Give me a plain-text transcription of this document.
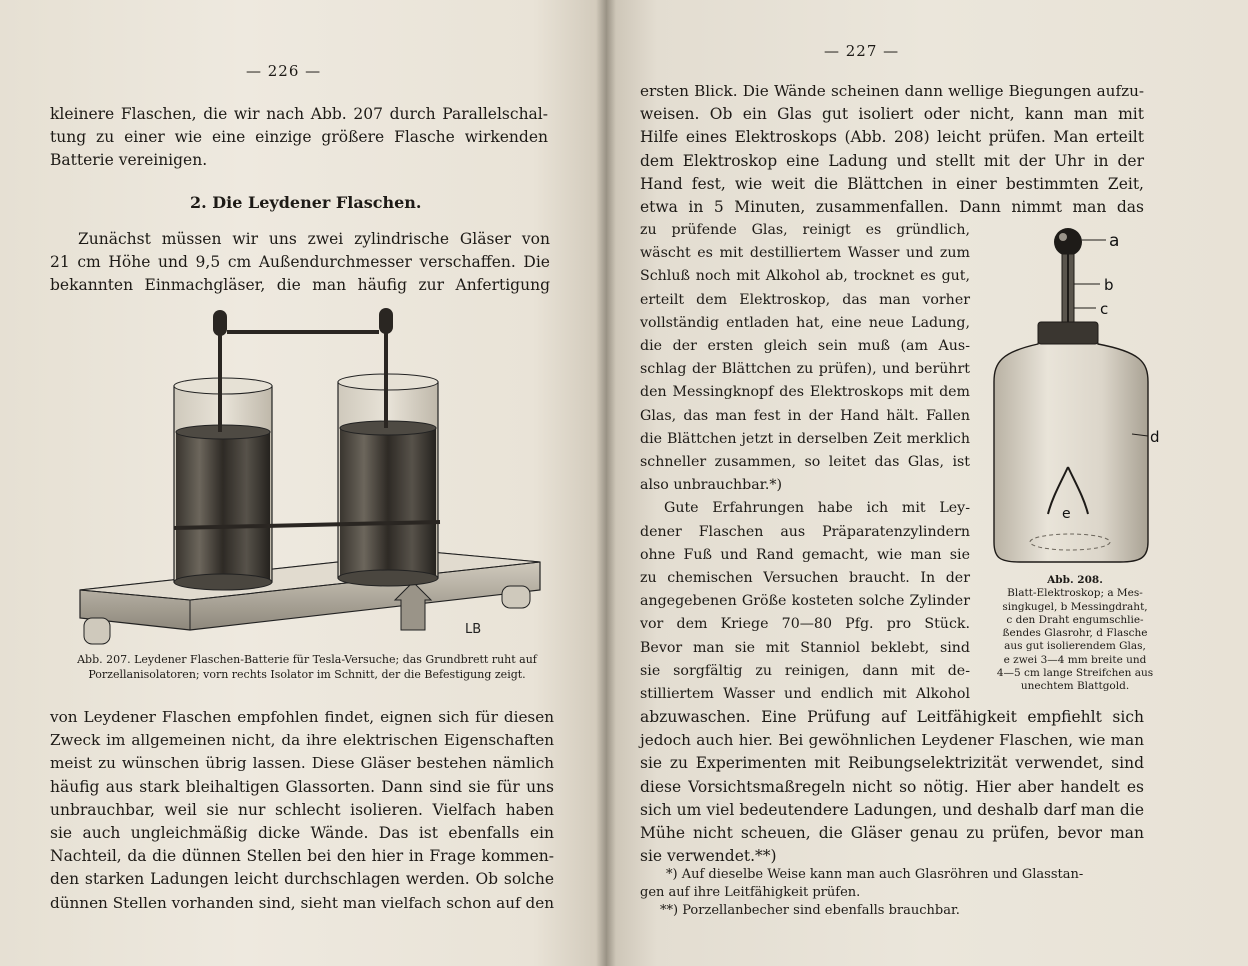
— 226 —
kleinere Flaschen, die wir nach Abb. 207 durch Parallelschal-
tung zu einer wie eine einzige größere Flasche wirkenden
Batterie vereinigen.
2. Die Leydener Flaschen.
Zunächst müssen wir uns zwei zylindrische Gläser von
21 cm Höhe und 9,5 cm Außendurchmesser verschaffen. Die
bekannten Einmachgläser, die man häufig zur Anfertigung
LB
Abb. 207. Leydener Flaschen-Batterie für Tesla-Versuche; das Grundbrett ruht auf
Porzellanisolatoren; vorn rechts Isolator im Schnitt, der die Befestigung zeigt.
von Leydener Flaschen empfohlen findet, eignen sich für diesen
Zweck im allgemeinen nicht, da ihre elektrischen Eigenschaften
meist zu wünschen übrig lassen. Diese Gläser bestehen nämlich
häufig aus stark bleihaltigen Glassorten. Dann sind sie für uns
unbrauchbar, weil sie nur schlecht isolieren. Vielfach haben
sie auch ungleichmäßig dicke Wände. Das ist ebenfalls ein
Nachteil, da die dünnen Stellen bei den hier in Frage kommen-
den starken Ladungen leicht durchschlagen werden. Ob solche
dünnen Stellen vorhanden sind, sieht man vielfach schon auf den
— 227 —
ersten Blick. Die Wände scheinen dann wellige Biegungen aufzu-
weisen. Ob ein Glas gut isoliert oder nicht, kann man mit
Hilfe eines Elektroskops (Abb. 208) leicht prüfen. Man erteilt
dem Elektroskop eine Ladung und stellt mit der Uhr in der
Hand fest, wie weit die Blättchen in einer bestimmten Zeit,
etwa in 5 Minuten, zusammenfallen. Dann nimmt man das
zu prüfende Glas, reinigt es gründlich,
wäscht es mit destilliertem Wasser und zum
Schluß noch mit Alkohol ab, trocknet es gut,
erteilt dem Elektroskop, das man vorher
vollständig entladen hat, eine neue Ladung,
die der ersten gleich sein muß (am Aus-
schlag der Blättchen zu prüfen), und berührt
den Messingknopf des Elektroskops mit dem
Glas, das man fest in der Hand hält. Fallen
die Blättchen jetzt in derselben Zeit merklich
schneller zusammen, so leitet das Glas, ist
also unbrauchbar.*)
Gute Erfahrungen habe ich mit Ley-
dener Flaschen aus Präparatenzylindern
ohne Fuß und Rand gemacht, wie man sie
zu chemischen Versuchen braucht. In der
angegebenen Größe kosteten solche Zylinder
vor dem Kriege 70—80 Pfg. pro Stück.
Bevor man sie mit Stanniol beklebt, sind
sie sorgfältig zu reinigen, dann mit de-
stilliertem Wasser und endlich mit Alkohol
abzuwaschen. Eine Prüfung auf Leitfähigkeit empfiehlt sich
jedoch auch hier. Bei gewöhnlichen Leydener Flaschen, wie man
sie zu Experimenten mit Reibungselektrizität verwendet, sind
diese Vorsichtsmaßregeln nicht so nötig. Hier aber handelt es
sich um viel bedeutendere Ladungen, und deshalb darf man die
Mühe nicht scheuen, die Gläser genau zu prüfen, bevor man
sie verwendet.**)
*) Auf dieselbe Weise kann man auch Glasröhren und Glasstan-
gen auf ihre Leitfähigkeit prüfen.
**) Porzellanbecher sind ebenfalls brauchbar.
a
b
c
d
e
Abb. 208.
Blatt-Elektroskop; a Mes-
singkugel, b Messingdraht,
c den Draht engumschlie-
ßendes Glasrohr, d Flasche
aus gut isolierendem Glas,
e zwei 3—4 mm breite und
4—5 cm lange Streifchen aus
unechtem Blattgold.
